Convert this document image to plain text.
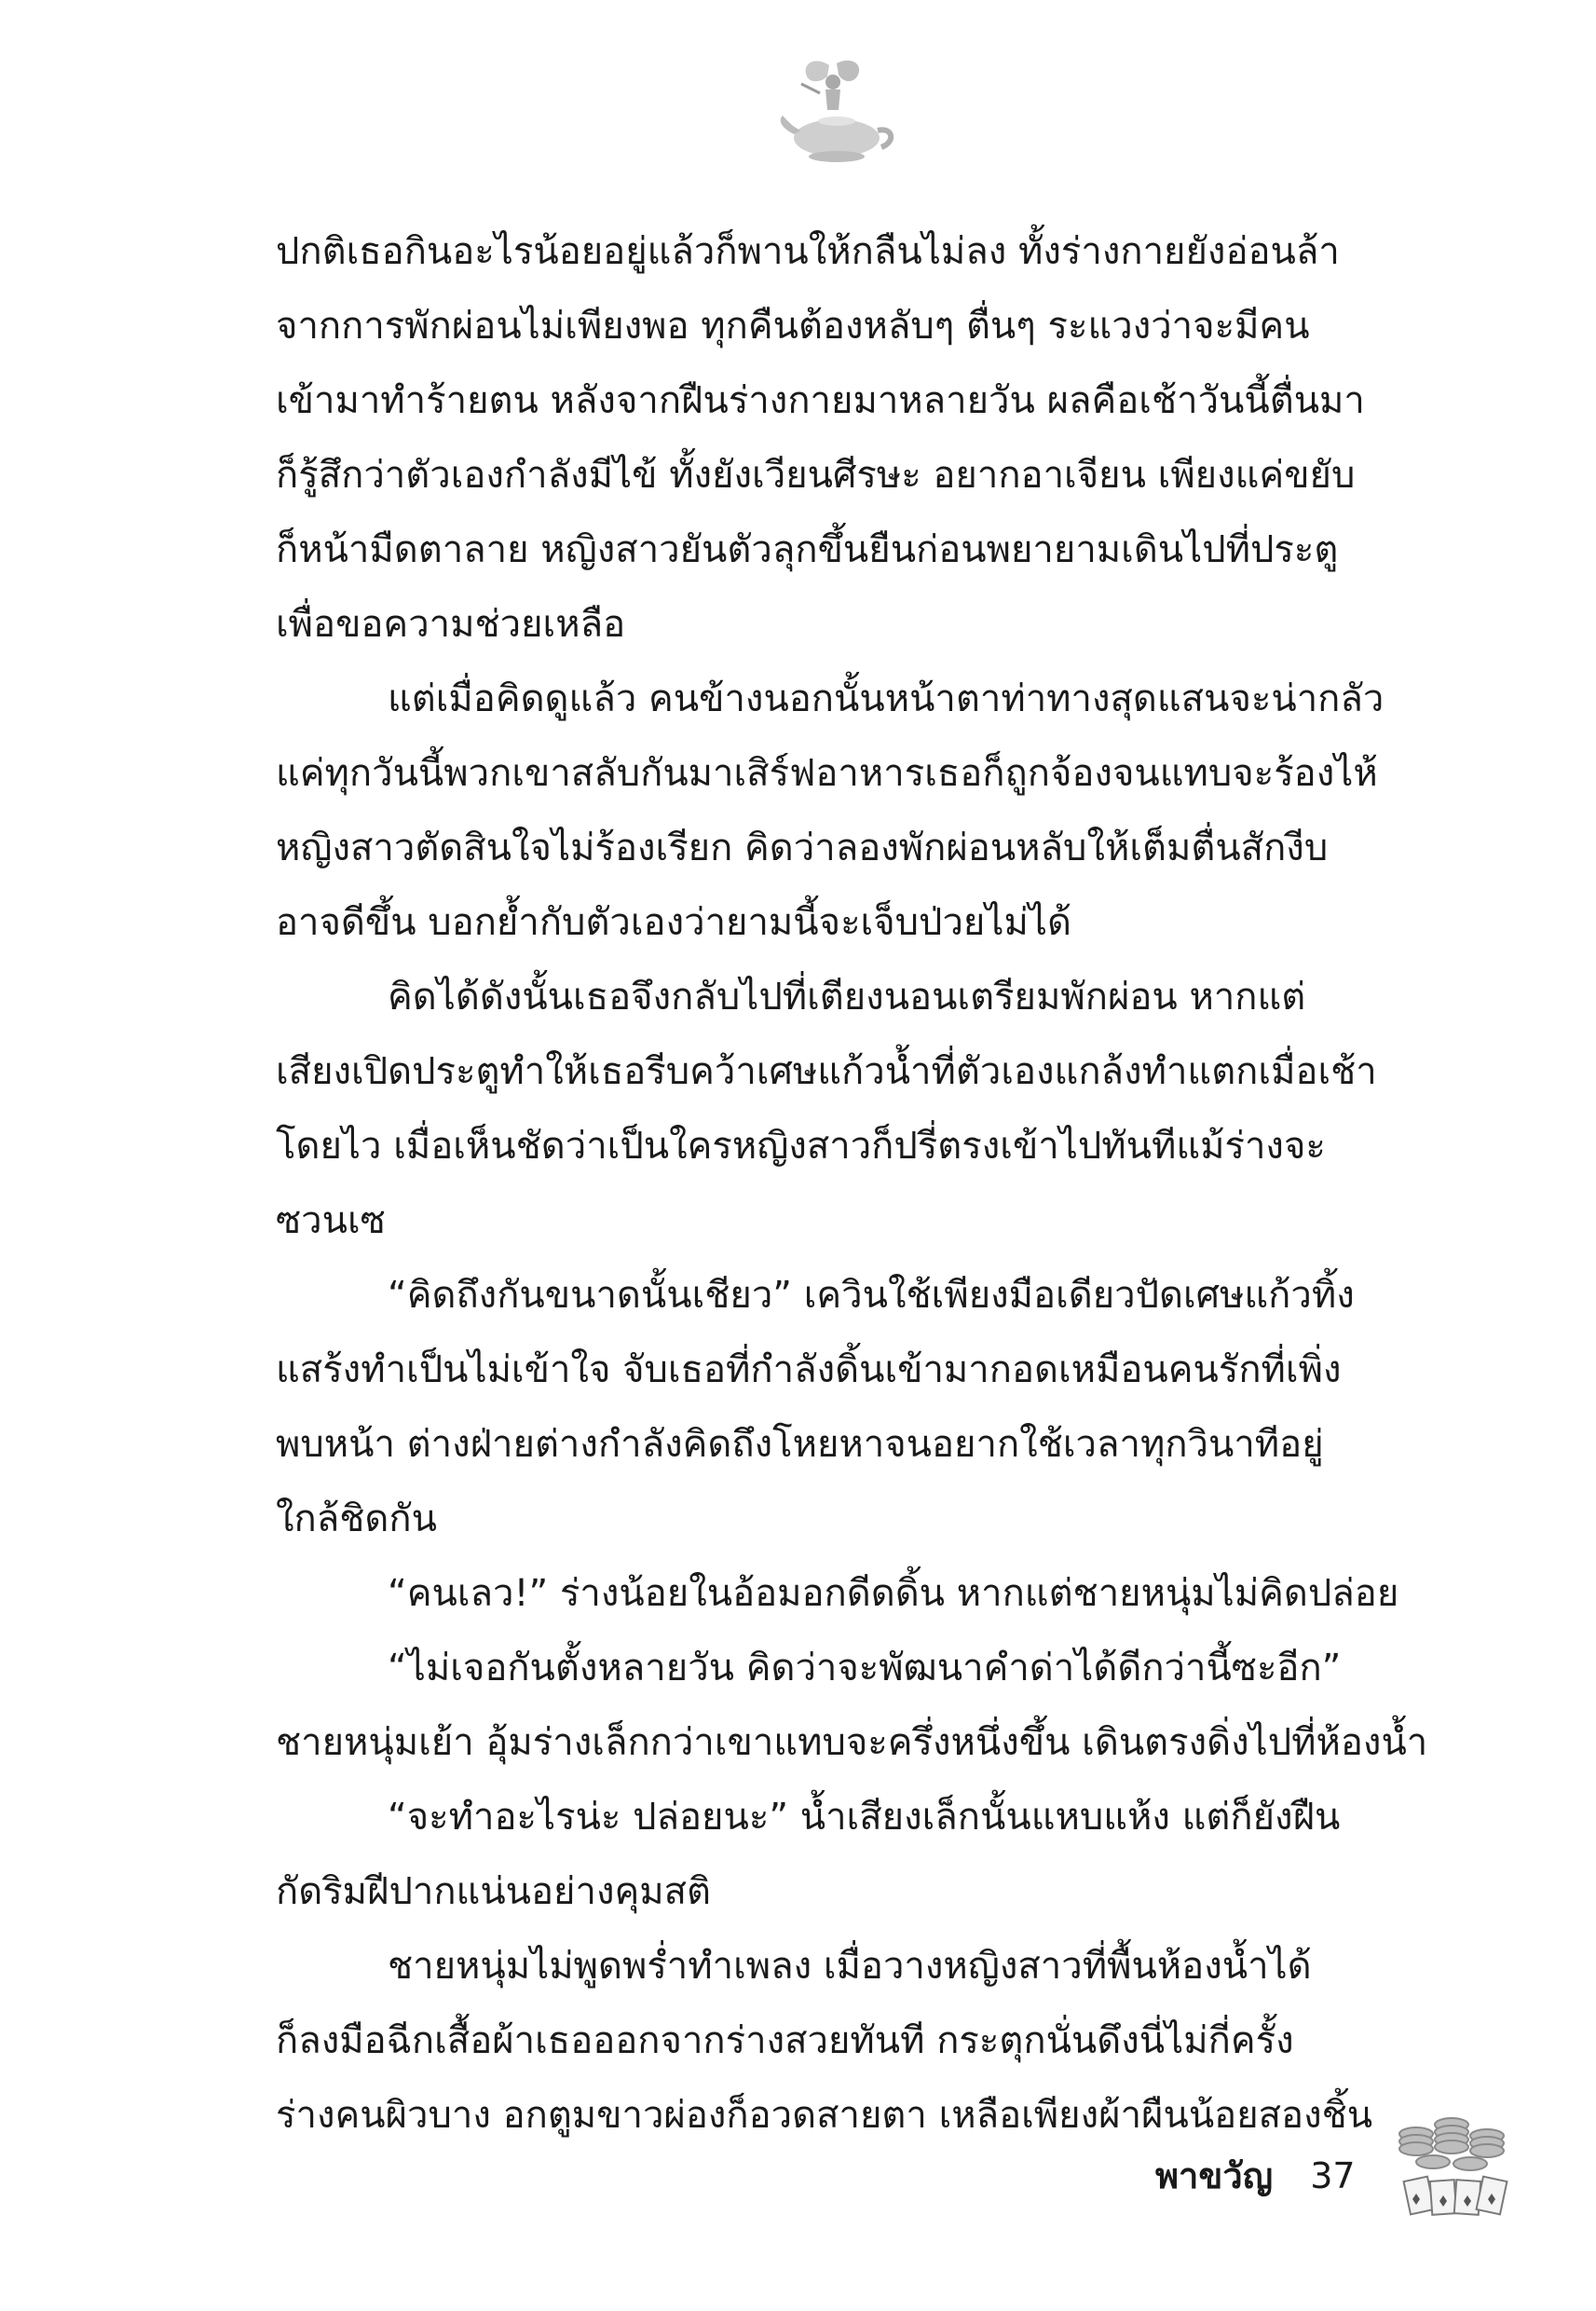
ปกติเธอกินอะไรน้อยอยู่แล้วก็พานให้กลืนไม่ลง ทั้งร่างกายยังอ่อนล้า
จากการพักผ่อนไม่เพียงพอ ทุกคืนต้องหลับๆ ตื่นๆ ระแวงว่าจะมีคน
เข้ามาทำร้ายตน หลังจากฝืนร่างกายมาหลายวัน ผลคือเช้าวันนี้ตื่นมา
ก็รู้สึกว่าตัวเองกำลังมีไข้ ทั้งยังเวียนศีรษะ อยากอาเจียน เพียงแค่ขยับ
ก็หน้ามืดตาลาย หญิงสาวยันตัวลุกขึ้นยืนก่อนพยายามเดินไปที่ประตู
เพื่อขอความช่วยเหลือ
แต่เมื่อคิดดูแล้ว คนข้างนอกนั้นหน้าตาท่าทางสุดแสนจะน่ากลัว
แค่ทุกวันนี้พวกเขาสลับกันมาเสิร์ฟอาหารเธอก็ถูกจ้องจนแทบจะร้องไห้
หญิงสาวตัดสินใจไม่ร้องเรียก คิดว่าลองพักผ่อนหลับให้เต็มตื่นสักงีบ
อาจดีขึ้น บอกย้ำกับตัวเองว่ายามนี้จะเจ็บป่วยไม่ได้
คิดได้ดังนั้นเธอจึงกลับไปที่เตียงนอนเตรียมพักผ่อน หากแต่
เสียงเปิดประตูทำให้เธอรีบคว้าเศษแก้วน้ำที่ตัวเองแกล้งทำแตกเมื่อเช้า
โดยไว เมื่อเห็นชัดว่าเป็นใครหญิงสาวก็ปรี่ตรงเข้าไปทันทีแม้ร่างจะ
ซวนเซ
“คิดถึงกันขนาดนั้นเชียว” เควินใช้เพียงมือเดียวปัดเศษแก้วทิ้ง
แสร้งทำเป็นไม่เข้าใจ จับเธอที่กำลังดิ้นเข้ามากอดเหมือนคนรักที่เพิ่ง
พบหน้า ต่างฝ่ายต่างกำลังคิดถึงโหยหาจนอยากใช้เวลาทุกวินาทีอยู่
ใกล้ชิดกัน
“คนเลว!” ร่างน้อยในอ้อมอกดีดดิ้น หากแต่ชายหนุ่มไม่คิดปล่อย
“ไม่เจอกันตั้งหลายวัน คิดว่าจะพัฒนาคำด่าได้ดีกว่านี้ซะอีก”
ชายหนุ่มเย้า อุ้มร่างเล็กกว่าเขาแทบจะครึ่งหนึ่งขึ้น เดินตรงดิ่งไปที่ห้องน้ำ
“จะทำอะไรน่ะ ปล่อยนะ” น้ำเสียงเล็กนั้นแหบแห้ง แต่ก็ยังฝืน
กัดริมฝีปากแน่นอย่างคุมสติ
ชายหนุ่มไม่พูดพร่ำทำเพลง เมื่อวางหญิงสาวที่พื้นห้องน้ำได้
ก็ลงมือฉีกเสื้อผ้าเธอออกจากร่างสวยทันที กระตุกนั่นดึงนี่ไม่กี่ครั้ง
ร่างคนผิวบาง อกตูมขาวผ่องก็อวดสายตา เหลือเพียงผ้าผืนน้อยสองชิ้น
พาขวัญ 37
